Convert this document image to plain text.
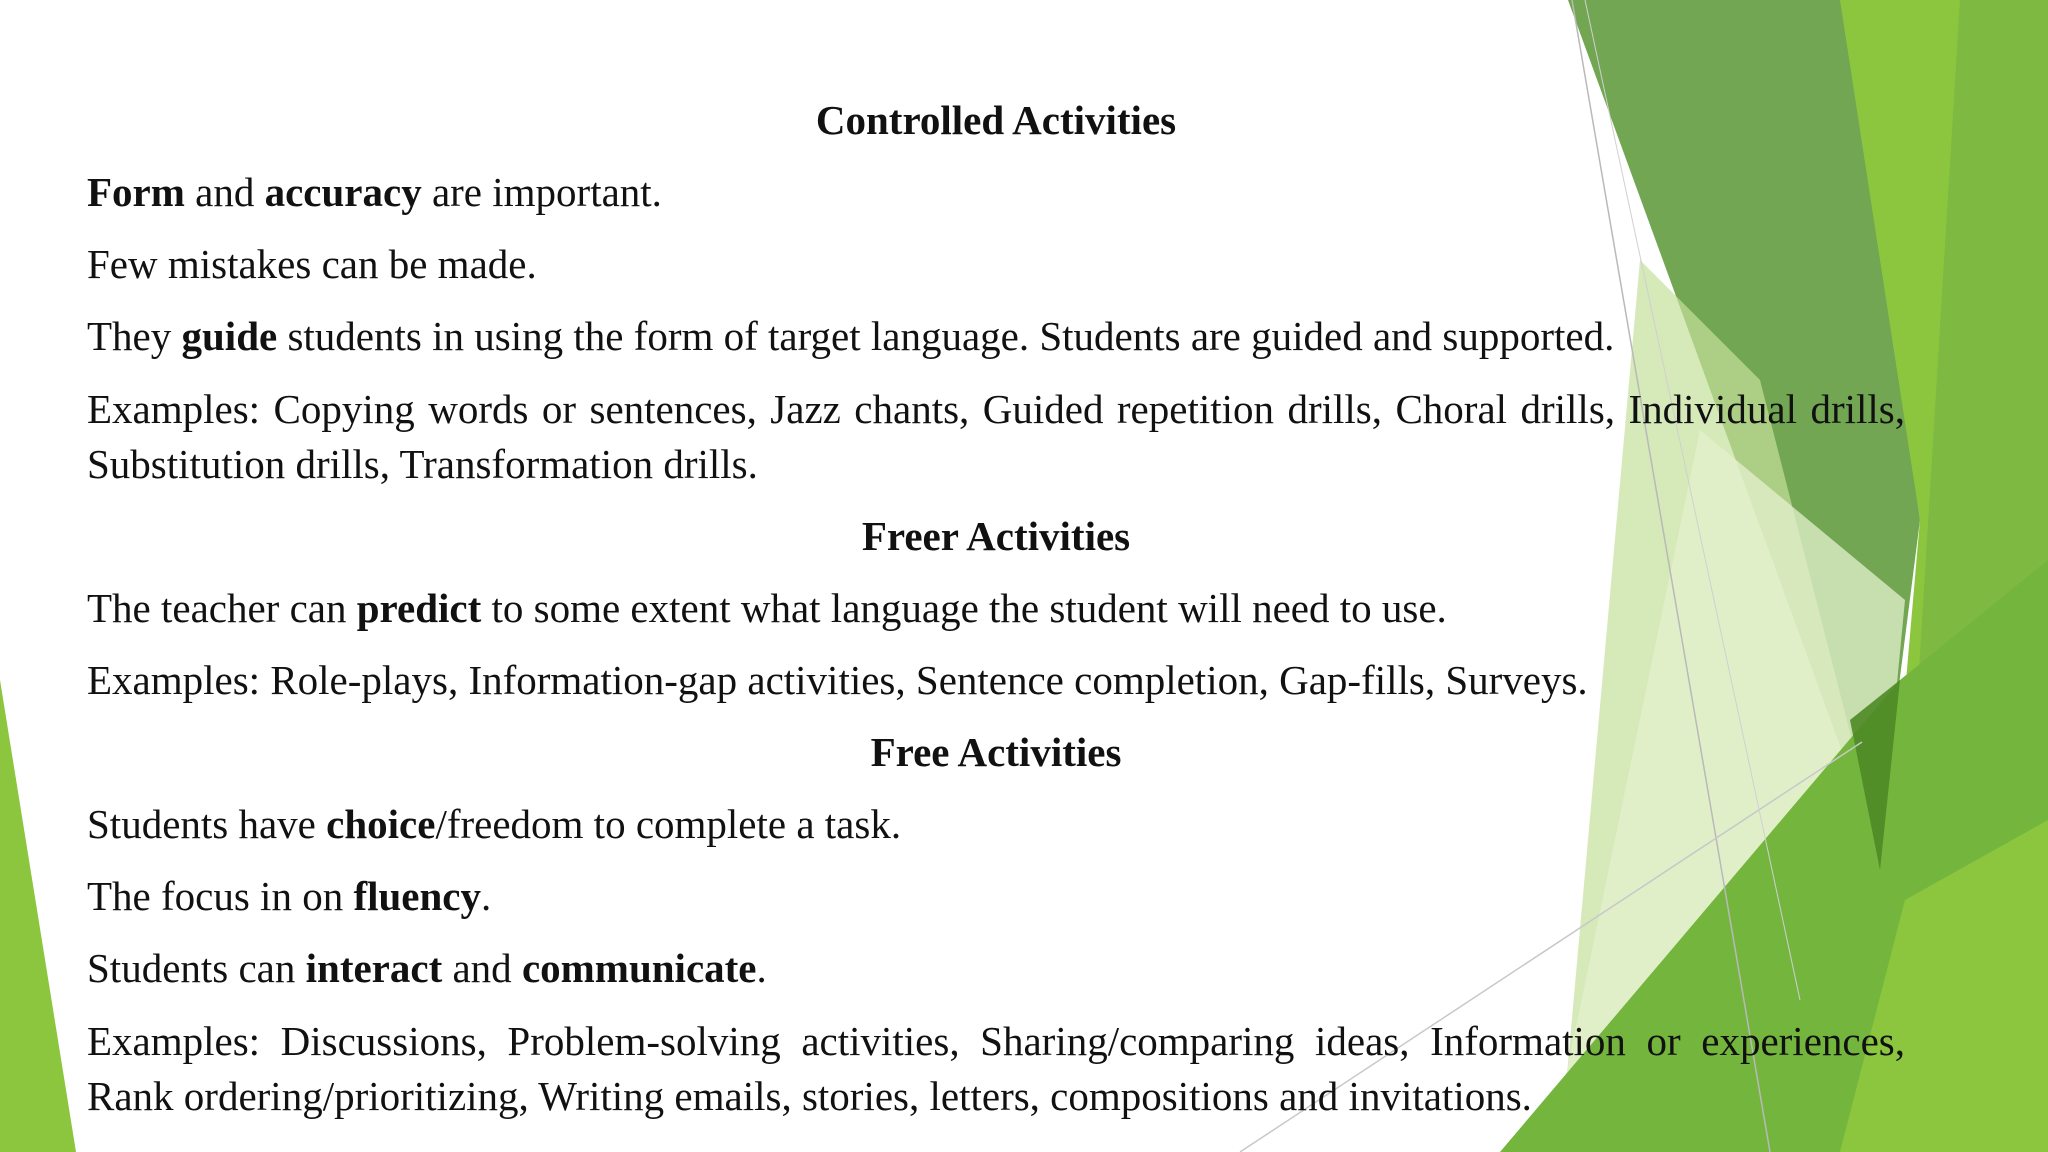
Controlled Activities
Form and accuracy are important.
Few mistakes can be made.
They guide students in using the form of target language. Students are guided and supported.
Examples: Copying words or sentences, Jazz chants, Guided repetition drills, Choral drills, Individual drills, Substitution drills, Transformation drills.
Freer Activities
The teacher can predict to some extent what language the student will need to use.
Examples: Role-plays, Information-gap activities, Sentence completion, Gap-fills, Surveys.
Free Activities
Students have choice/freedom to complete a task.
The focus in on fluency.
Students can interact and communicate.
Examples: Discussions, Problem-solving activities, Sharing/comparing ideas, Information or experiences, Rank ordering/prioritizing, Writing emails, stories, letters, compositions and invitations.
